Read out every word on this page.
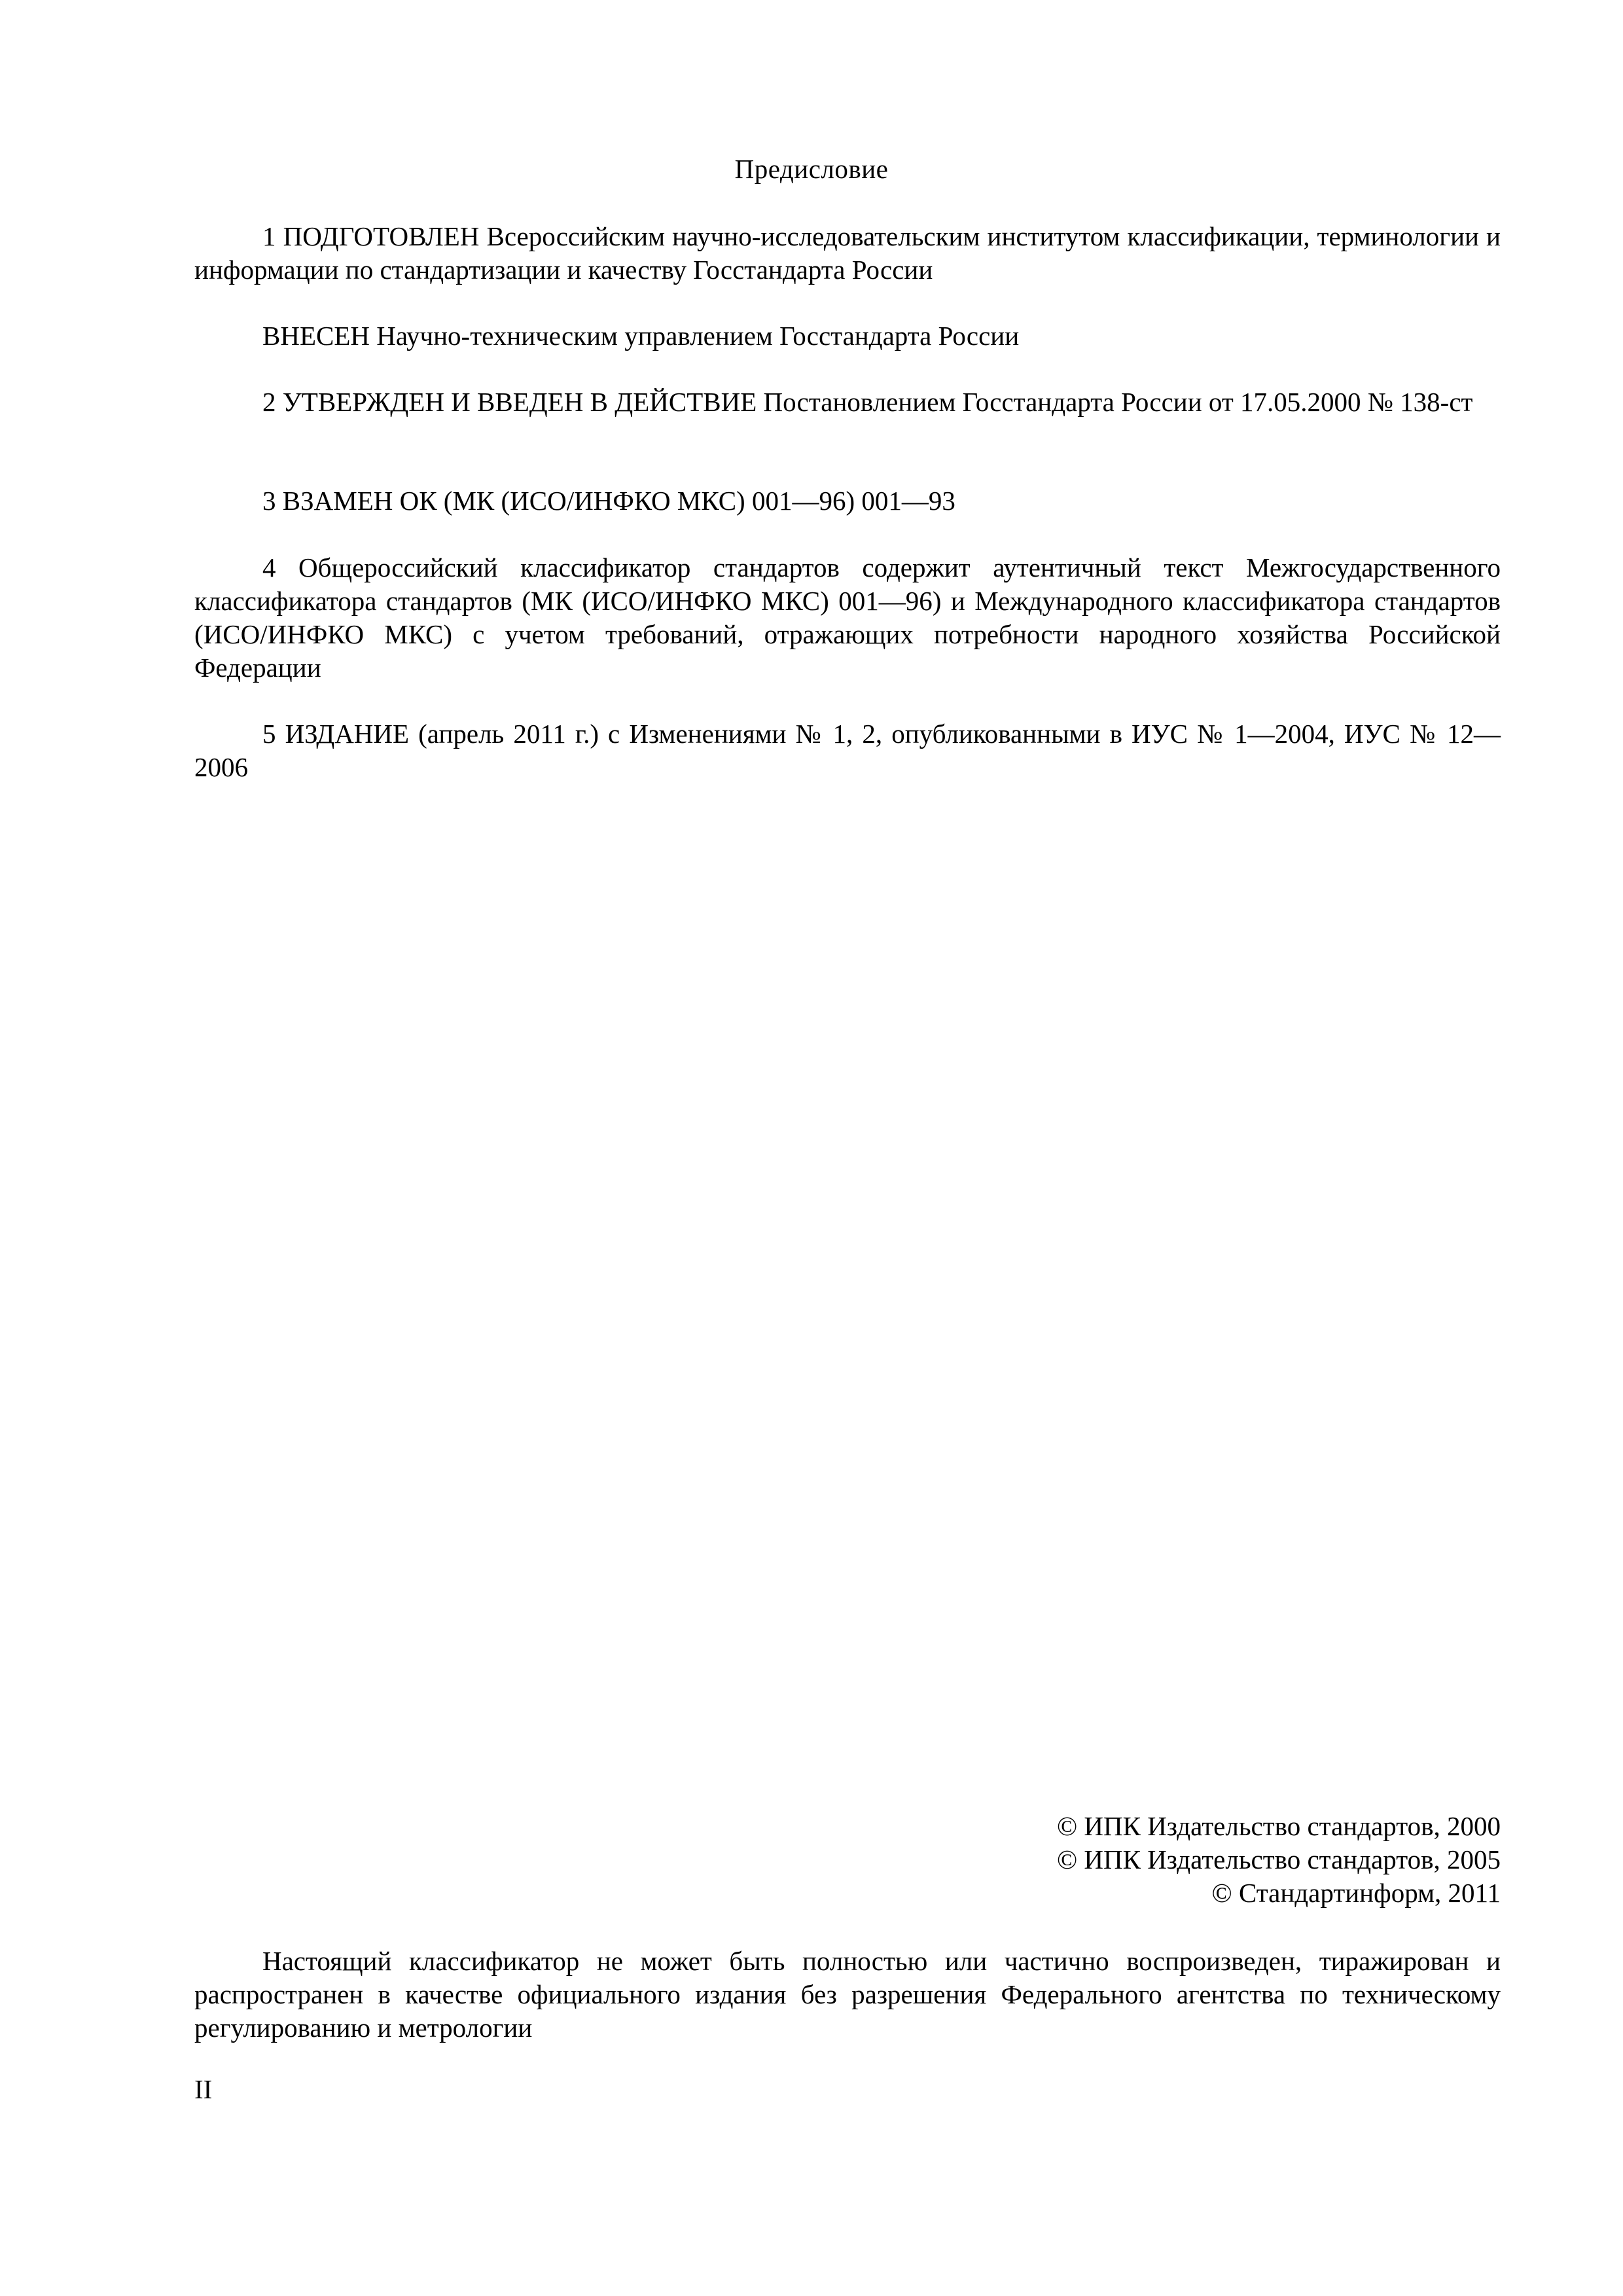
Предисловие

1 ПОДГОТОВЛЕН Всероссийским научно-исследовательским институтом классификации, терминологии и информации по стандартизации и качеству Госстандарта России

ВНЕСЕН Научно-техническим управлением Госстандарта России

2 УТВЕРЖДЕН И ВВЕДЕН В ДЕЙСТВИЕ Постановлением Госстандарта России от 17.05.2000 № 138-ст

3 ВЗАМЕН ОК (МК (ИСО/ИНФКО МКС) 001—96) 001—93

4 Общероссийский классификатор стандартов содержит аутентичный текст Межгосударственного классификатора стандартов (МК (ИСО/ИНФКО МКС) 001—96) и Международного классификатора стандартов (ИСО/ИНФКО МКС) с учетом требований, отражающих потребности народного хозяйства Российской Федерации

5 ИЗДАНИЕ (апрель 2011 г.) с Изменениями № 1, 2, опубликованными в ИУС № 1—2004, ИУС № 12—2006

© ИПК Издательство стандартов, 2000
© ИПК Издательство стандартов, 2005
© Стандартинформ, 2011

Настоящий классификатор не может быть полностью или частично воспроизведен, тиражирован и распространен в качестве официального издания без разрешения Федерального агентства по техническому регулированию и метрологии

II
